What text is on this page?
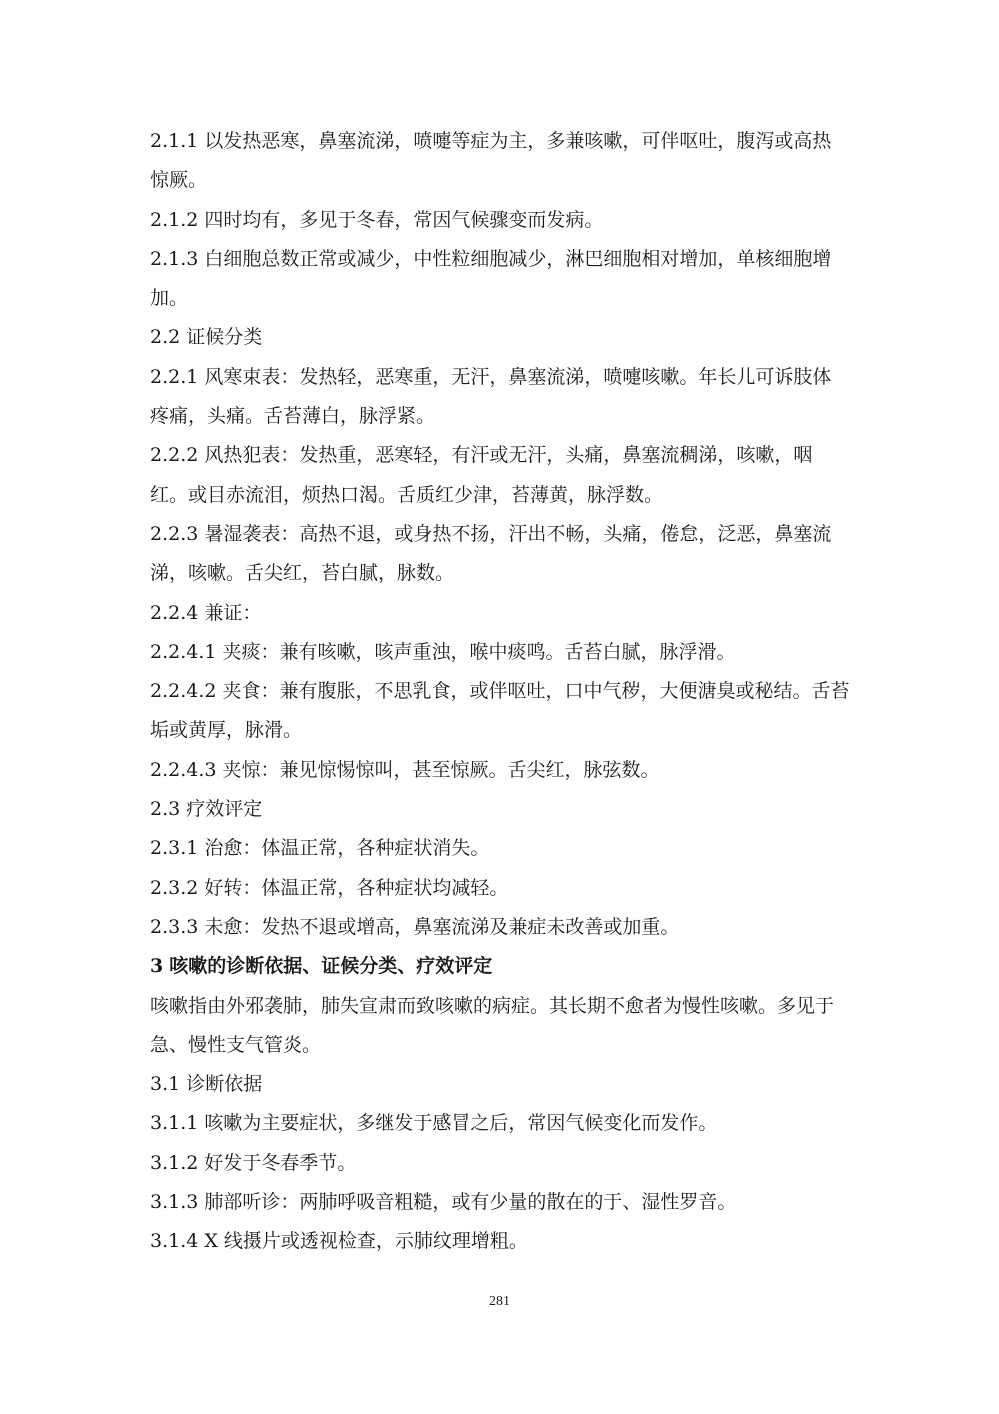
2.1.1 以发热恶寒，鼻塞流涕，喷嚏等症为主，多兼咳嗽，可伴呕吐，腹泻或高热惊厥。

2.1.2 四时均有，多见于冬春，常因气候骤变而发病。

2.1.3 白细胞总数正常或减少，中性粒细胞减少，淋巴细胞相对增加，单核细胞增加。

2.2 证候分类

2.2.1 风寒束表：发热轻，恶寒重，无汗，鼻塞流涕，喷嚏咳嗽。年长儿可诉肢体疼痛，头痛。舌苔薄白，脉浮紧。

2.2.2 风热犯表：发热重，恶寒轻，有汗或无汗，头痛，鼻塞流稠涕，咳嗽，咽红。或目赤流泪，烦热口渴。舌质红少津，苔薄黄，脉浮数。

2.2.3 暑湿袭表：高热不退，或身热不扬，汗出不畅，头痛，倦怠，泛恶，鼻塞流涕，咳嗽。舌尖红，苔白腻，脉数。

2.2.4 兼证：

2.2.4.1 夹痰：兼有咳嗽，咳声重浊，喉中痰鸣。舌苔白腻，脉浮滑。

2.2.4.2 夹食：兼有腹胀，不思乳食，或伴呕吐，口中气秽，大便溏臭或秘结。舌苔垢或黄厚，脉滑。

2.2.4.3 夹惊：兼见惊惕惊叫，甚至惊厥。舌尖红，脉弦数。

2.3 疗效评定

2.3.1 治愈：体温正常，各种症状消失。

2.3.2 好转：体温正常，各种症状均减轻。

2.3.3 未愈：发热不退或增高，鼻塞流涕及兼症未改善或加重。

3 咳嗽的诊断依据、证候分类、疗效评定

咳嗽指由外邪袭肺，肺失宣肃而致咳嗽的病症。其长期不愈者为慢性咳嗽。多见于急、慢性支气管炎。

3.1 诊断依据

3.1.1 咳嗽为主要症状，多继发于感冒之后，常因气候变化而发作。

3.1.2 好发于冬春季节。

3.1.3 肺部听诊：两肺呼吸音粗糙，或有少量的散在的于、湿性罗音。

3.1.4 X 线摄片或透视检查，示肺纹理增粗。

281
